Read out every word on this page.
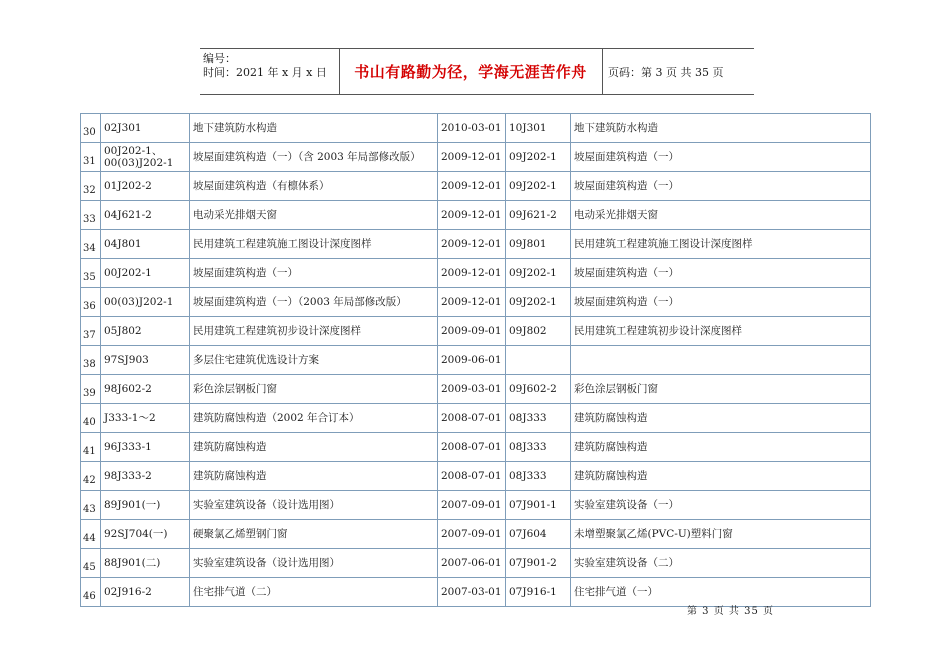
编号：
时间：2021 年 x 月 x 日	书山有路勤为径，学海无涯苦作舟	页码：第 3 页 共 35 页
30	02J301	地下建筑防水构造	2010-03-01	10J301	地下建筑防水构造
31	00J202-1、00(03)J202-1	坡屋面建筑构造（一）（含 2003 年局部修改版）	2009-12-01	09J202-1	坡屋面建筑构造（一）
32	01J202-2	坡屋面建筑构造（有檩体系）	2009-12-01	09J202-1	坡屋面建筑构造（一）
33	04J621-2	电动采光排烟天窗	2009-12-01	09J621-2	电动采光排烟天窗
34	04J801	民用建筑工程建筑施工图设计深度图样	2009-12-01	09J801	民用建筑工程建筑施工图设计深度图样
35	00J202-1	坡屋面建筑构造（一）	2009-12-01	09J202-1	坡屋面建筑构造（一）
36	00(03)J202-1	坡屋面建筑构造（一）（2003 年局部修改版）	2009-12-01	09J202-1	坡屋面建筑构造（一）
37	05J802	民用建筑工程建筑初步设计深度图样	2009-09-01	09J802	民用建筑工程建筑初步设计深度图样
38	97SJ903	多层住宅建筑优选设计方案	2009-06-01		
39	98J602-2	彩色涂层钢板门窗	2009-03-01	09J602-2	彩色涂层钢板门窗
40	J333-1～2	建筑防腐蚀构造（2002 年合订本）	2008-07-01	08J333	建筑防腐蚀构造
41	96J333-1	建筑防腐蚀构造	2008-07-01	08J333	建筑防腐蚀构造
42	98J333-2	建筑防腐蚀构造	2008-07-01	08J333	建筑防腐蚀构造
43	89J901(一)	实验室建筑设备（设计选用图）	2007-09-01	07J901-1	实验室建筑设备（一）
44	92SJ704(一)	硬聚氯乙烯塑钢门窗	2007-09-01	07J604	未增塑聚氯乙烯(PVC-U)塑料门窗
45	88J901(二)	实验室建筑设备（设计选用图）	2007-06-01	07J901-2	实验室建筑设备（二）
46	02J916-2	住宅排气道（二）	2007-03-01	07J916-1	住宅排气道（一）
第 3 页 共 35 页
